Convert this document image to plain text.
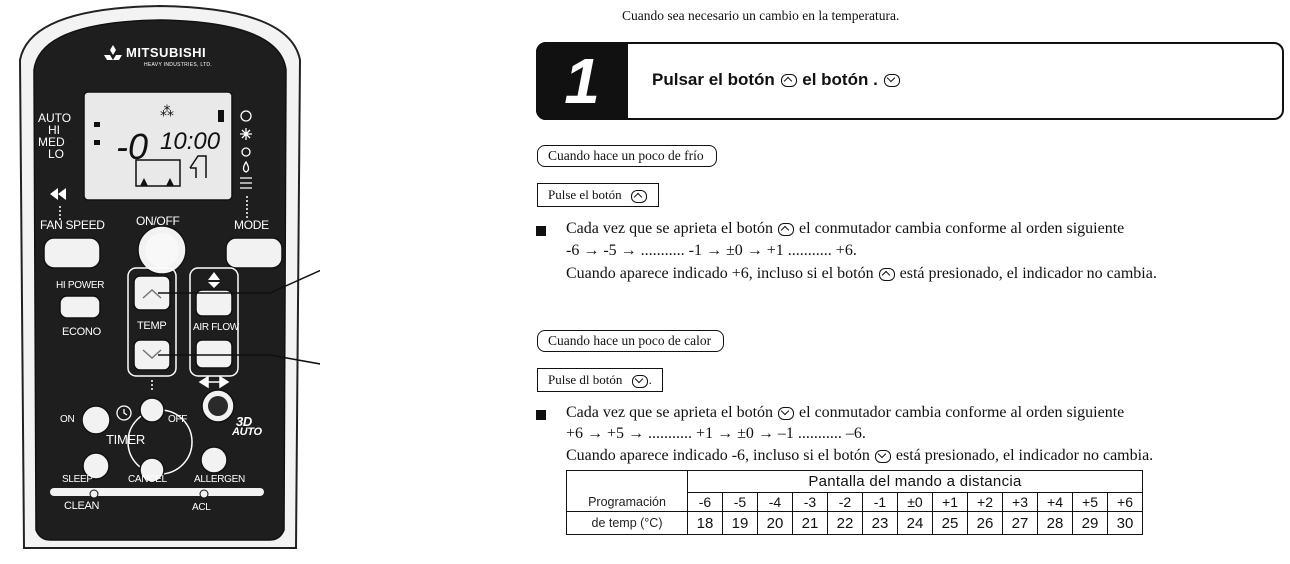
MITSUBISHI
HEAVY INDUSTRIES, LTD.
-0 10:00
⁂
AUTO
HI
MED
LO
FAN SPEED	ON/OFF	MODE
HI POWER
ECONO	TEMP	AIR FLOW
ON	OFF
TIMER
3D
AUTO
SLEEP	CANCEL	ALLERGEN
CLEAN	ACL
Cuando sea necesario un cambio en la temperatura.
1	Pulsar el botón el botón .
Cuando hace un poco de frío
Pulse el botón
Cada vez que se aprieta el botón el conmutador cambia conforme al orden siguiente
-6 → -5 → ........... -1 → ±0 → +1 ........... +6.
Cuando aparece indicado +6, incluso si el botón está presionado, el indicador no cambia.
Cuando hace un poco de calor
Pulse dl botón .
Cada vez que se aprieta el botón el conmutador cambia conforme al orden siguiente
+6 → +5 → ........... +1 → ±0 → –1 ........... –6.
Cuando aparece indicado -6, incluso si el botón está presionado, el indicador no cambia.
	Pantalla del mando a distancia												
Programación	-6	-5	-4	-3	-2	-1	±0	+1	+2	+3	+4	+5	+6
de temp (°C)	18	19	20	21	22	23	24	25	26	27	28	29	30
